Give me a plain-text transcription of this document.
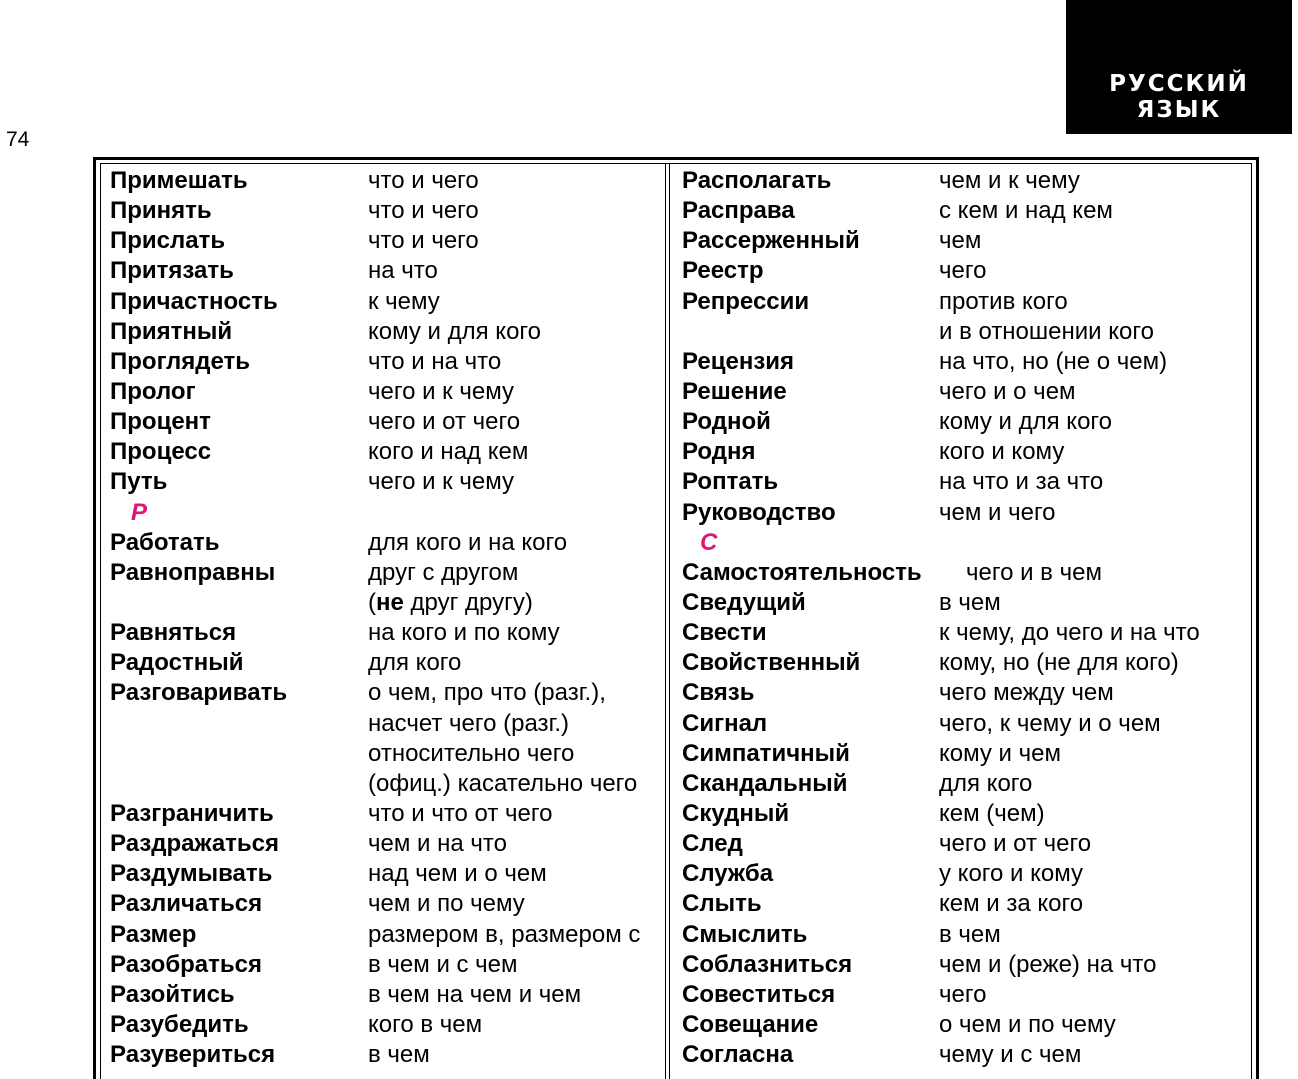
РУССКИЙ ЯЗЫК
74
Примешать	что и чего
Принять	что и чего
Прислать	что и чего
Притязать	на что
Причастность	к чему
Приятный	кому и для кого
Проглядеть	что и на что
Пролог	чего и к чему
Процент	чего и от чего
Процесс	кого и над кем
Путь	чего и к чему
Р
Работать	для кого и на кого
Равноправны	друг с другом
(не друг другу)
Равняться	на кого и по кому
Радостный	для кого
Разговаривать	о чем, про что (разг.),
насчет чего (разг.)
относительно чего
(офиц.) касательно чего
Разграничить	что и что от чего
Раздражаться	чем и на что
Раздумывать	над чем и о чем
Различаться	чем и по чему
Размер	размером в, размером с
Разобраться	в чем и с чем
Разойтись	в чем на чем и чем
Разубедить	кого в чем
Разувериться	в чем
Располагать	чем и к чему
Расправа	с кем и над кем
Рассерженный	чем
Реестр	чего
Репрессии	против кого
и в отношении кого
Рецензия	на что, но (не о чем)
Решение	чего и о чем
Родной	кому и для кого
Родня	кого и кому
Роптать	на что и за что
Руководство	чем и чего
С
Самостоятельность чего и в чем
Сведущий	в чем
Свести	к чему, до чего и на что
Свойственный	кому, но (не для кого)
Связь	чего между чем
Сигнал	чего, к чему и о чем
Симпатичный	кому и чем
Скандальный	для кого
Скудный	кем (чем)
След	чего и от чего
Служба	у кого и кому
Слыть	кем и за кого
Смыслить	в чем
Соблазниться	чем и (реже) на что
Совеститься	чего
Совещание	о чем и по чему
Согласна	чему и с чем
